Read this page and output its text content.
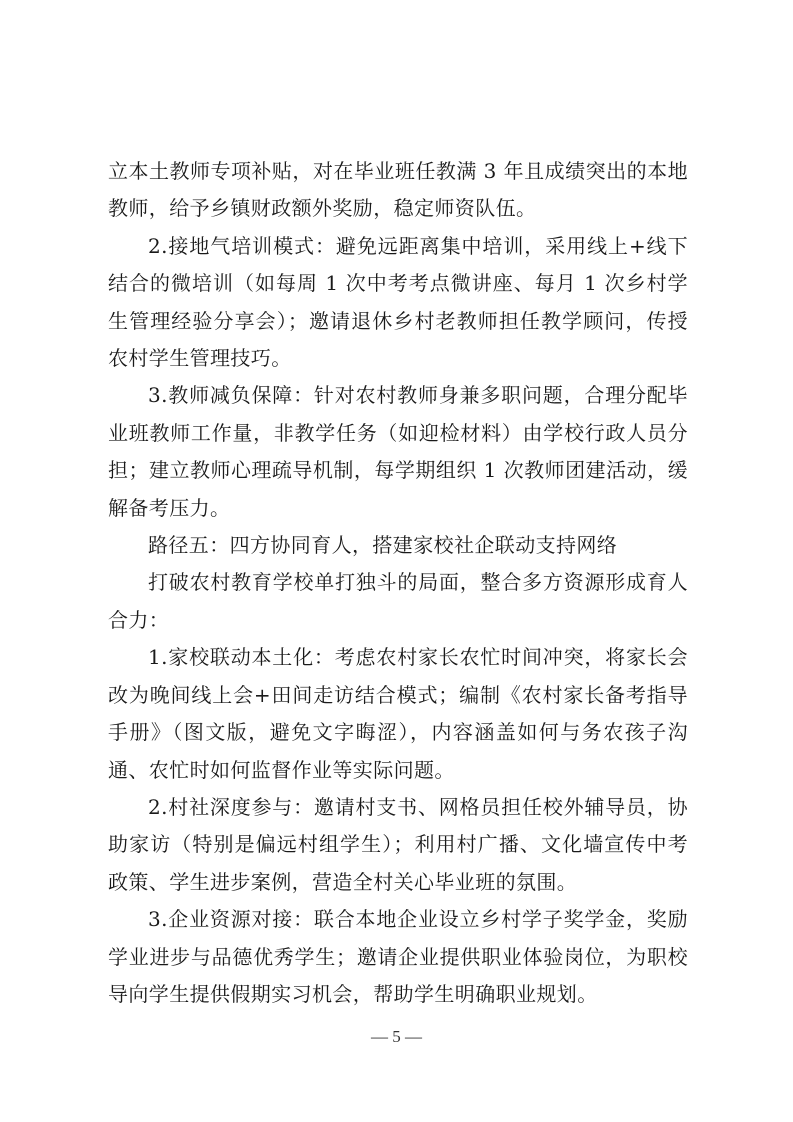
立本土教师专项补贴，对在毕业班任教满 3 年且成绩突出的本地教师，给予乡镇财政额外奖励，稳定师资队伍。

2.接地气培训模式：避免远距离集中培训，采用线上+线下结合的微培训（如每周 1 次中考考点微讲座、每月 1 次乡村学生管理经验分享会）；邀请退休乡村老教师担任教学顾问，传授农村学生管理技巧。

3.教师减负保障：针对农村教师身兼多职问题，合理分配毕业班教师工作量，非教学任务（如迎检材料）由学校行政人员分担；建立教师心理疏导机制，每学期组织 1 次教师团建活动，缓解备考压力。

路径五：四方协同育人，搭建家校社企联动支持网络

打破农村教育学校单打独斗的局面，整合多方资源形成育人合力：

1.家校联动本土化：考虑农村家长农忙时间冲突，将家长会改为晚间线上会+田间走访结合模式；编制《农村家长备考指导手册》（图文版，避免文字晦涩），内容涵盖如何与务农孩子沟通、农忙时如何监督作业等实际问题。

2.村社深度参与：邀请村支书、网格员担任校外辅导员，协助家访（特别是偏远村组学生）；利用村广播、文化墙宣传中考政策、学生进步案例，营造全村关心毕业班的氛围。

3.企业资源对接：联合本地企业设立乡村学子奖学金，奖励学业进步与品德优秀学生；邀请企业提供职业体验岗位，为职校导向学生提供假期实习机会，帮助学生明确职业规划。

— 5 —
